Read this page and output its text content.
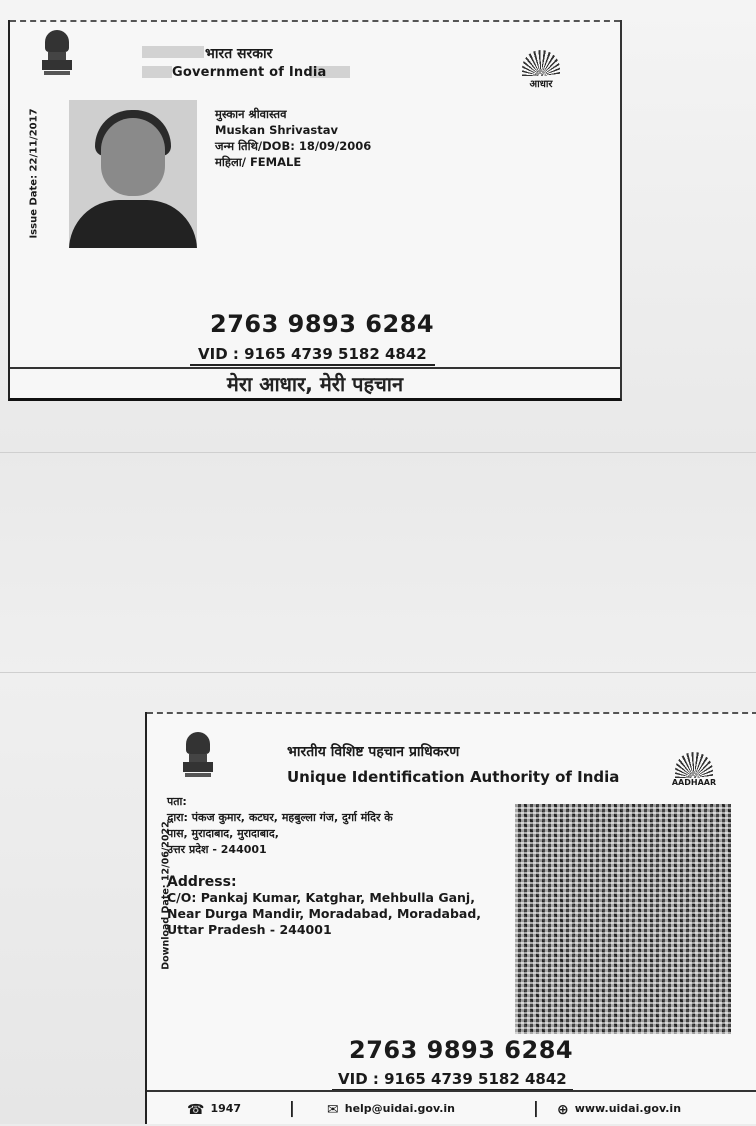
भारत सरकार
Government of India
आधार
Issue Date: 22/11/2017	मुस्कान श्रीवास्तव
Muskan Shrivastav
जन्म तिथि/DOB: 18/09/2006
महिला/ FEMALE
2763 9893 6284
VID : 9165 4739 5182 4842
मेरा आधार, मेरी पहचान
भारतीय विशिष्ट पहचान प्राधिकरण
Unique Identification Authority of India	AADHAAR
Download Date: 12/06/2022
पता:
द्वारा: पंकज कुमार, कटघर, महबुल्ला गंज, दुर्गा मंदिर के
पास, मुरादाबाद, मुरादाबाद,
उत्तर प्रदेश - 244001
Address:
C/O: Pankaj Kumar, Katghar, Mehbulla Ganj,
Near Durga Mandir, Moradabad, Moradabad,
Uttar Pradesh - 244001
2763 9893 6284
VID : 9165 4739 5182 4842
☎ 1947	| ✉ help@uidai.gov.in	| ⊕ www.uidai.gov.in
